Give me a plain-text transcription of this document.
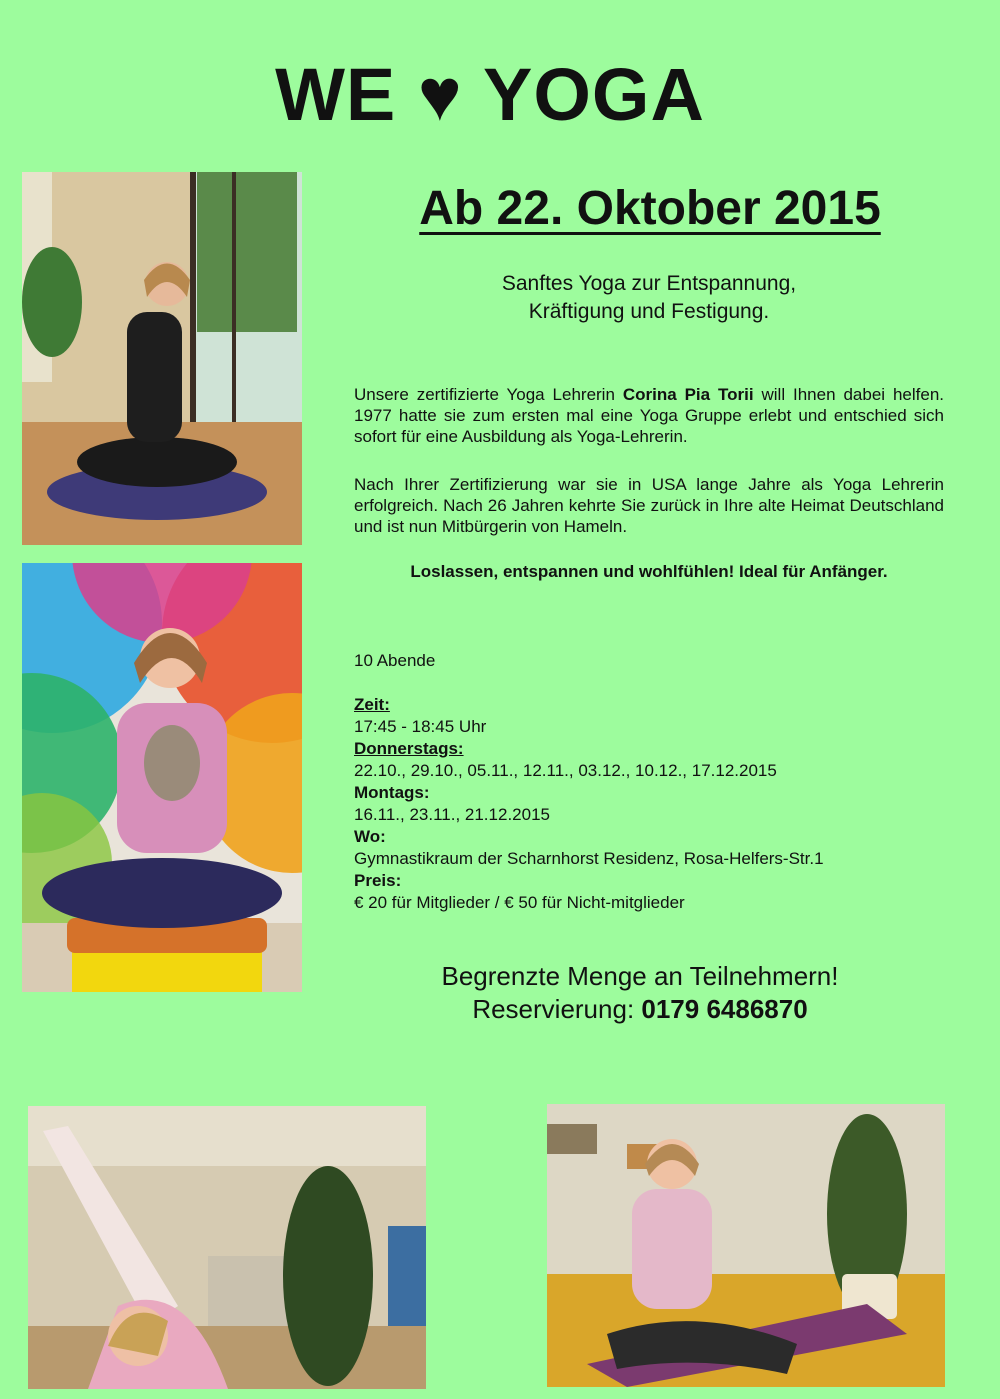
WE ♥ YOGA
Ab 22. Oktober 2015
Sanftes Yoga zur Entspannung,
Kräftigung und Festigung.
Unsere zertifizierte Yoga Lehrerin Corina Pia Torii will Ihnen dabei helfen. 1977 hatte sie zum ersten mal eine Yoga Gruppe erlebt und entschied sich sofort für eine Ausbildung als Yoga-Lehrerin.
Nach Ihrer Zertifizierung war sie in USA lange Jahre als Yoga Lehrerin erfolgreich. Nach 26 Jahren kehrte Sie zurück in Ihre alte Heimat Deutschland und ist nun Mitbürgerin von Hameln.
Loslassen, entspannen und wohlfühlen! Ideal für Anfänger.
10 Abende
Zeit:
17:45 - 18:45 Uhr
Donnerstags:
22.10., 29.10., 05.11., 12.11., 03.12., 10.12., 17.12.2015
Montags:
16.11., 23.11., 21.12.2015
Wo:
Gymnastikraum der Scharnhorst Residenz, Rosa-Helfers-Str.1
Preis:
€ 20 für Mitglieder / € 50 für Nicht-mitglieder
Begrenzte Menge an Teilnehmern!
Reservierung: 0179 6486870
